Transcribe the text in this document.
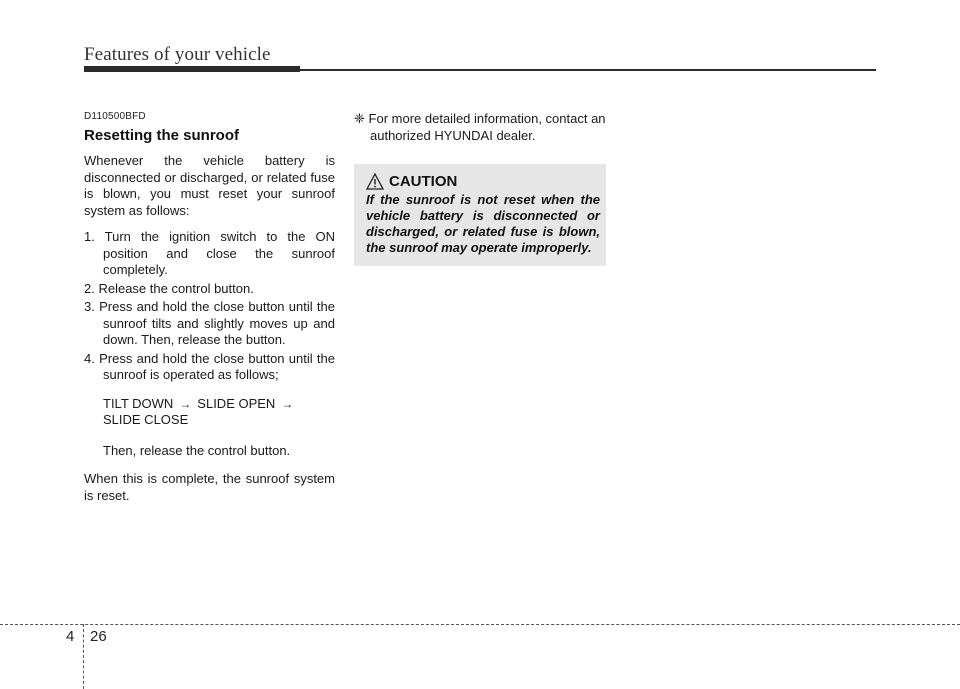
Features of your vehicle
D110500BFD
Resetting the sunroof

Whenever the vehicle battery is disconnected or discharged, or related fuse is blown, you must reset your sunroof system as follows:

1. Turn the ignition switch to the ON position and close the sunroof completely.
2. Release the control button.
3. Press and hold the close button until the sunroof tilts and slightly moves up and down. Then, release the button.
4. Press and hold the close button until the sunroof is operated as follows;
TILT DOWN → SLIDE OPEN →
SLIDE CLOSE
Then, release the control button.

When this is complete, the sunroof system is reset.

❈ For more detailed information, contact an authorized HYUNDAI dealer.
CAUTION

If the sunroof is not reset when the vehicle battery is disconnected or discharged, or related fuse is blown, the sunroof may operate improperly.

4 26
